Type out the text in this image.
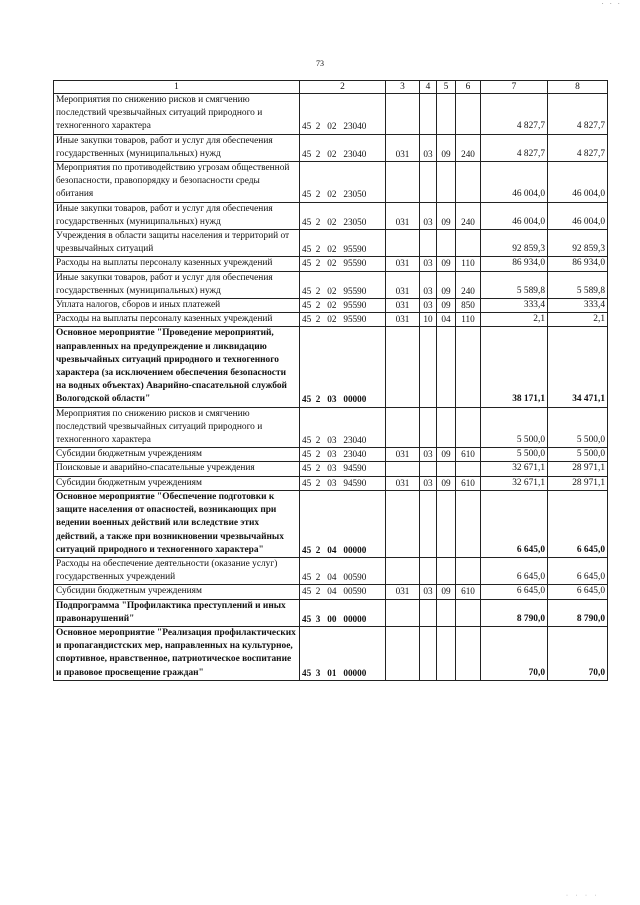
· · ·
73
1	2	3	4	5	6	7	8
Мероприятия по снижению рисков и смягчению последствий чрезвычайных ситуаций природного и техногенного характера	45  2   02   23040					4 827,7	4 827,7
Иные закупки товаров, работ и услуг для обеспечения государственных (муниципальных) нужд	45  2   02   23040	031	03	09	240	4 827,7	4 827,7
Мероприятия по противодействию угрозам общественной безопасности, правопорядку и безопасности среды обитания	45  2   02   23050					46 004,0	46 004,0
Иные закупки товаров, работ и услуг для обеспечения государственных (муниципальных) нужд	45  2   02   23050	031	03	09	240	46 004,0	46 004,0
Учреждения в области защиты населения и территорий от чрезвычайных ситуаций	45  2   02   95590					92 859,3	92 859,3
Расходы на выплаты персоналу казенных учреждений	45  2   02   95590	031	03	09	110	86 934,0	86 934,0
Иные закупки товаров, работ и услуг для обеспечения государственных (муниципальных) нужд	45  2   02   95590	031	03	09	240	5 589,8	5 589,8
Уплата налогов, сборов и иных платежей	45  2   02   95590	031	03	09	850	333,4	333,4
Расходы на выплаты персоналу казенных учреждений	45  2   02   95590	031	10	04	110	2,1	2,1
Основное мероприятие "Проведение мероприятий, направленных на предупреждение и ликвидацию чрезвычайных ситуаций природного и техногенного характера (за исключением обеспечения безопасности на водных объектах) Аварийно-спасательной службой Вологодской области"	45  2   03   00000					38 171,1	34 471,1
Мероприятия по снижению рисков и смягчению последствий чрезвычайных ситуаций природного и техногенного характера	45  2   03   23040					5 500,0	5 500,0
Субсидии бюджетным учреждениям	45  2   03   23040	031	03	09	610	5 500,0	5 500,0
Поисковые и аварийно-спасательные учреждения	45  2   03   94590					32 671,1	28 971,1
Субсидии бюджетным учреждениям	45  2   03   94590	031	03	09	610	32 671,1	28 971,1
Основное мероприятие "Обеспечение подготовки к защите населения от опасностей, возникающих при ведении военных действий или вследствие этих действий, а также при возникновении чрезвычайных ситуаций природного и техногенного характера"	45  2   04   00000					6 645,0	6 645,0
Расходы на обеспечение деятельности (оказание услуг) государственных учреждений	45  2   04   00590					6 645,0	6 645,0
Субсидии бюджетным учреждениям	45  2   04   00590	031	03	09	610	6 645,0	6 645,0
Подпрограмма "Профилактика преступлений и иных правонарушений"	45  3   00   00000					8 790,0	8 790,0
Основное мероприятие "Реализация профилактических и пропагандистских мер, направленных на культурное, спортивное, нравственное, патриотическое воспитание и правовое просвещение граждан"	45  3   01   00000					70,0	70,0
· · · ·
